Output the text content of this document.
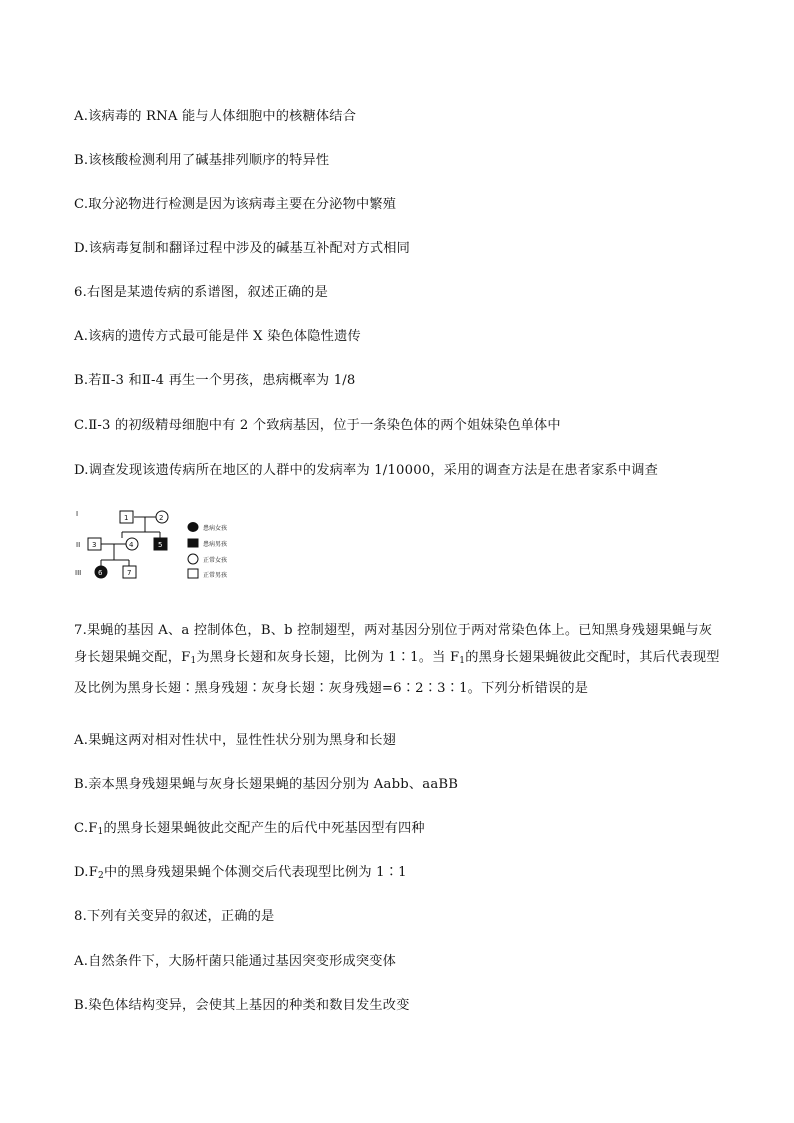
A.该病毒的 RNA 能与人体细胞中的核糖体结合
B.该核酸检测利用了碱基排列顺序的特异性
C.取分泌物进行检测是因为该病毒主要在分泌物中繁殖
D.该病毒复制和翻译过程中涉及的碱基互补配对方式相同
6.右图是某遗传病的系谱图，叙述正确的是
A.该病的遗传方式最可能是伴 X 染色体隐性遗传
B.若Ⅱ-3 和Ⅱ-4 再生一个男孩，患病概率为 1/8
C.Ⅱ-3 的初级精母细胞中有 2 个致病基因，位于一条染色体的两个姐妹染色单体中
D.调查发现该遗传病所在地区的人群中的发病率为 1/10000，采用的调查方法是在患者家系中调查
I
II
III
1	2
3	4	5
6	7
患病女孩
患病男孩
正常女孩
正常男孩
7.果蝇的基因 A、a 控制体色，B、b 控制翅型，两对基因分别位于两对常染色体上。已知黑身残翅果蝇与灰身长翅果蝇交配，$F_1$为黑身长翅和灰身长翅，比例为 1∶1。当 $F_1$的黑身长翅果蝇彼此交配时，其后代表现型及比例为黑身长翅∶黑身残翅∶灰身长翅∶灰身残翅=6∶2∶3∶1。下列分析错误的是
A.果蝇这两对相对性状中，显性性状分别为黑身和长翅
B.亲本黑身残翅果蝇与灰身长翅果蝇的基因分别为 Aabb、aaBB
$C.F_1$的黑身长翅果蝇彼此交配产生的后代中死基因型有四种
$D.F_2$中的黑身残翅果蝇个体测交后代表现型比例为 1∶1
8.下列有关变异的叙述，正确的是
A.自然条件下，大肠杆菌只能通过基因突变形成突变体
B.染色体结构变异，会使其上基因的种类和数目发生改变
